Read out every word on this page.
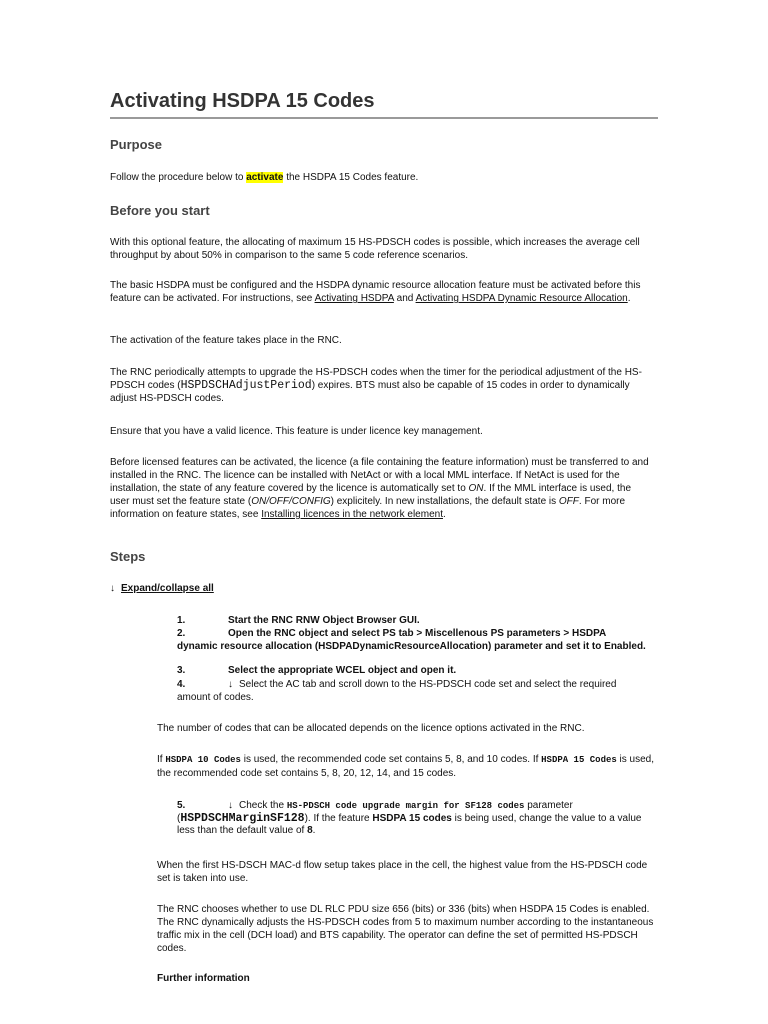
Activating HSDPA 15 Codes
Purpose

Follow the procedure below to activate the HSDPA 15 Codes feature.

Before you start

With this optional feature, the allocating of maximum 15 HS-PDSCH codes is possible, which increases the average cell throughput by about 50% in comparison to the same 5 code reference scenarios.

The basic HSDPA must be configured and the HSDPA dynamic resource allocation feature must be activated before this feature can be activated. For instructions, see Activating HSDPA and Activating HSDPA Dynamic Resource Allocation.

The activation of the feature takes place in the RNC.

The RNC periodically attempts to upgrade the HS-PDSCH codes when the timer for the periodical adjustment of the HS-PDSCH codes (HSPDSCHAdjustPeriod) expires. BTS must also be capable of 15 codes in order to dynamically adjust HS-PDSCH codes.

Ensure that you have a valid licence. This feature is under licence key management.

Before licensed features can be activated, the licence (a file containing the feature information) must be transferred to and installed in the RNC. The licence can be installed with NetAct or with a local MML interface. If NetAct is used for the installation, the state of any feature covered by the licence is automatically set to ON. If the MML interface is used, the user must set the feature state (ON/OFF/CONFIG) explicitely. In new installations, the default state is OFF. For more information on feature states, see Installing licences in the network element.

Steps
↓ Expand/collapse all
1.	Start the RNC RNW Object Browser GUI.
2.	Open the RNC object and select PS tab > Miscellenous PS parameters > HSDPA dynamic resource allocation (HSDPADynamicResourceAllocation) parameter and set it to Enabled.
3.	Select the appropriate WCEL object and open it.
4.	↓ Select the AC tab and scroll down to the HS-PDSCH code set and select the required amount of codes.

The number of codes that can be allocated depends on the licence options activated in the RNC.

If HSDPA 10 Codes is used, the recommended code set contains 5, 8, and 10 codes. If HSDPA 15 Codes is used, the recommended code set contains 5, 8, 20, 12, 14, and 15 codes.

5.	↓ Check the HS-PDSCH code upgrade margin for SF128 codes parameter (HSPDSCHMarginSF128). If the feature HSDPA 15 codes is being used, change the value to a value less than the default value of 8.

When the first HS-DSCH MAC-d flow setup takes place in the cell, the highest value from the HS-PDSCH code set is taken into use.

The RNC chooses whether to use DL RLC PDU size 656 (bits) or 336 (bits) when HSDPA 15 Codes is enabled. The RNC dynamically adjusts the HS-PDSCH codes from 5 to maximum number according to the instantaneous traffic mix in the cell (DCH load) and BTS capability. The operator can define the set of permitted HS-PDSCH codes.

Further information
